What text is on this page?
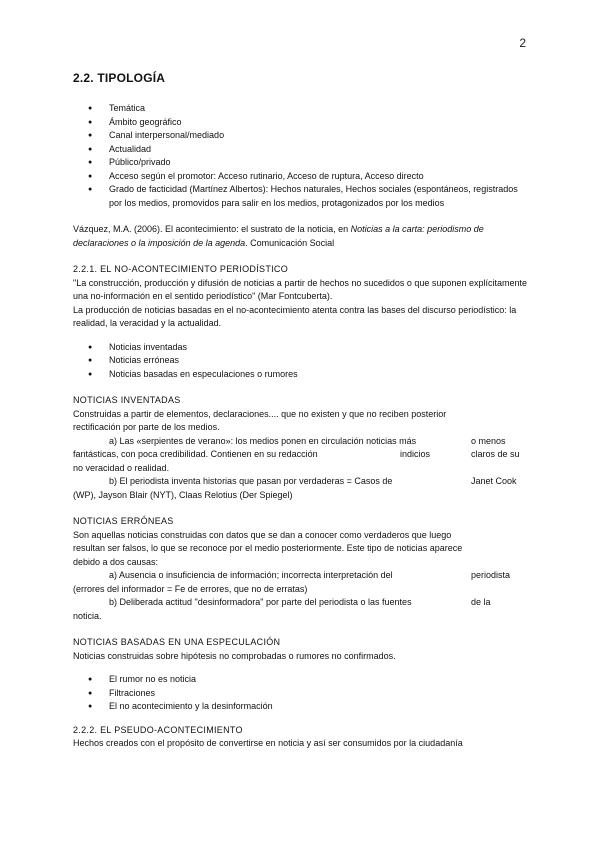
2
2.2. TIPOLOGÍA
● Temática
● Ámbito geográfico
● Canal interpersonal/mediado
● Actualidad
● Público/privado
● Acceso según el promotor: Acceso rutinario, Acceso de ruptura, Acceso directo
● Grado de facticidad (Martínez Albertos): Hechos naturales, Hechos sociales (espontáneos, registrados por los medios, promovidos para salir en los medios, protagonizados por los medios

Vázquez, M.A. (2006). El acontecimiento: el sustrato de la noticia, en Noticias a la carta: periodismo de declaraciones o la imposición de la agenda. Comunicación Social

2.2.1. EL NO-ACONTECIMIENTO PERIODÍSTICO

"La construcción, producción y difusión de noticias a partir de hechos no sucedidos o que suponen explícitamente una no-información en el sentido periodístico" (Mar Fontcuberta).

La producción de noticias basadas en el no-acontecimiento atenta contra las bases del discurso periodístico: la realidad, la veracidad y la actualidad.

● Noticias inventadas
● Noticias erróneas
● Noticias basadas en especulaciones o rumores

NOTICIAS INVENTADAS

Construidas a partir de elementos, declaraciones.... que no existen y que no reciben posterior

rectificación por parte de los medios.

a) Las «serpientes de verano»: los medios ponen en circulación noticias más	o menos

fantásticas, con poca credibilidad. Contienen en su redacción	indicios	claros de su

no veracidad o realidad.

b) El periodista inventa historias que pasan por verdaderas = Casos de	Janet Cook

(WP), Jayson Blair (NYT), Claas Relotius (Der Spiegel)

NOTICIAS ERRÓNEAS

Son aquellas noticias construidas con datos que se dan a conocer como verdaderos que luego

resultan ser falsos, lo que se reconoce por el medio posteriormente. Este tipo de noticias aparece

debido a dos causas:

a) Ausencia o insuficiencia de información; incorrecta interpretación del	periodista

(errores del informador = Fe de errores, que no de erratas)

b) Deliberada actitud "desinformadora" por parte del periodista o las fuentes	de la

noticia.

NOTICIAS BASADAS EN UNA ESPECULACIÓN

Noticias construidas sobre hipótesis no comprobadas o rumores no confirmados.

● El rumor no es noticia
● Filtraciones
● El no acontecimiento y la desinformación

2.2.2. EL PSEUDO-ACONTECIMIENTO

Hechos creados con el propósito de convertirse en noticia y así ser consumidos por la ciudadanía
